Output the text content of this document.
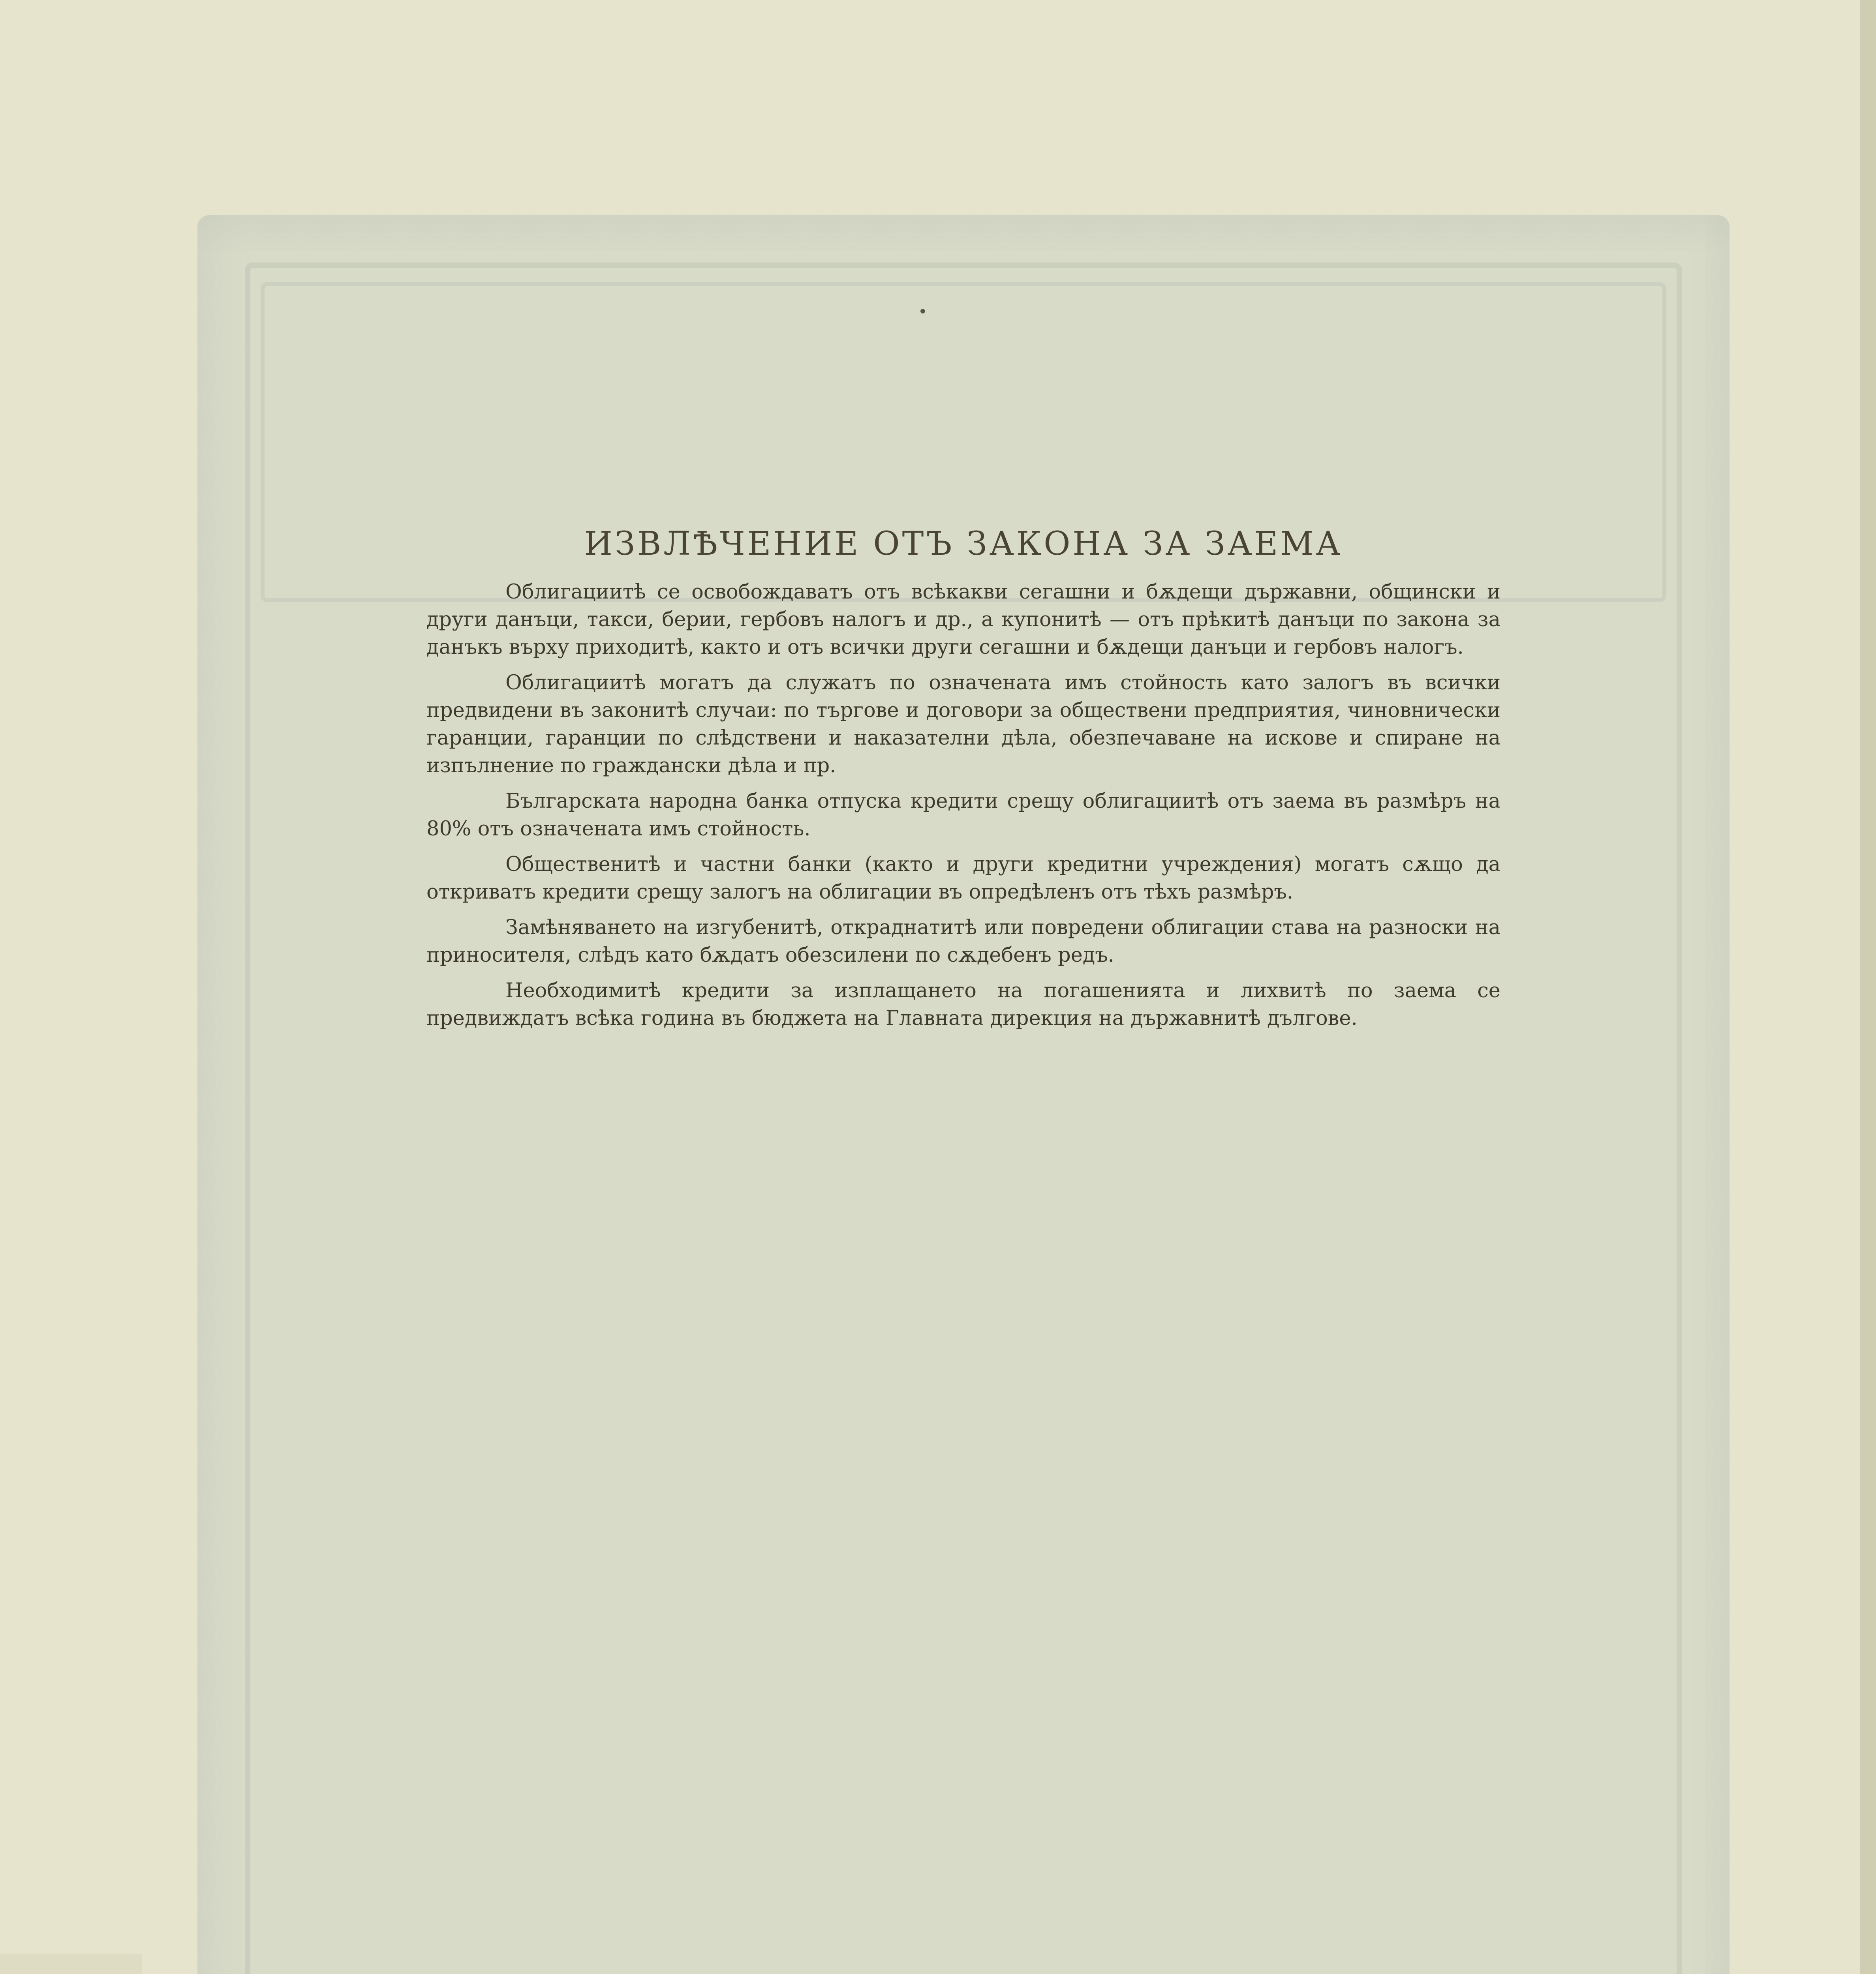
•
ИЗВЛѢЧЕНИЕ ОТЪ ЗАКОНА ЗА ЗАЕМА

Облигациитѣ се освобождаватъ отъ всѣкакви сегашни и бѫдещи държавни, общински и други данъци, такси, берии, гербовъ налогъ и др., а купонитѣ — отъ прѣкитѣ данъци по закона за данъкъ върху приходитѣ, както и отъ всички други сегашни и бѫдещи данъци и гербовъ налогъ.

Облигациитѣ могатъ да служатъ по означената имъ стойность като залогъ въ всички предвидени въ законитѣ случаи: по търгове и договори за обществени предприятия, чиновнически гаранции, гаранции по слѣдствени и наказателни дѣла, обезпечаване на искове и спиране на изпълнение по граждански дѣла и пр.

Българската народна банка отпуска кредити срещу облигациитѣ отъ заема въ размѣръ на 80% отъ означената имъ стойность.

Общественитѣ и частни банки (както и други кредитни учреждения) могатъ сѫщо да откриватъ кредити срещу залогъ на облигации въ опредѣленъ отъ тѣхъ размѣръ.

Замѣняването на изгубенитѣ, откраднатитѣ или повредени облигации става на разноски на приносителя, слѣдъ като бѫдатъ обезсилени по сѫдебенъ редъ.

Необходимитѣ кредити за изплащането на погашенията и лихвитѣ по заема се предвиждатъ всѣка година въ бюджета на Главната дирекция на държавнитѣ дългове.
